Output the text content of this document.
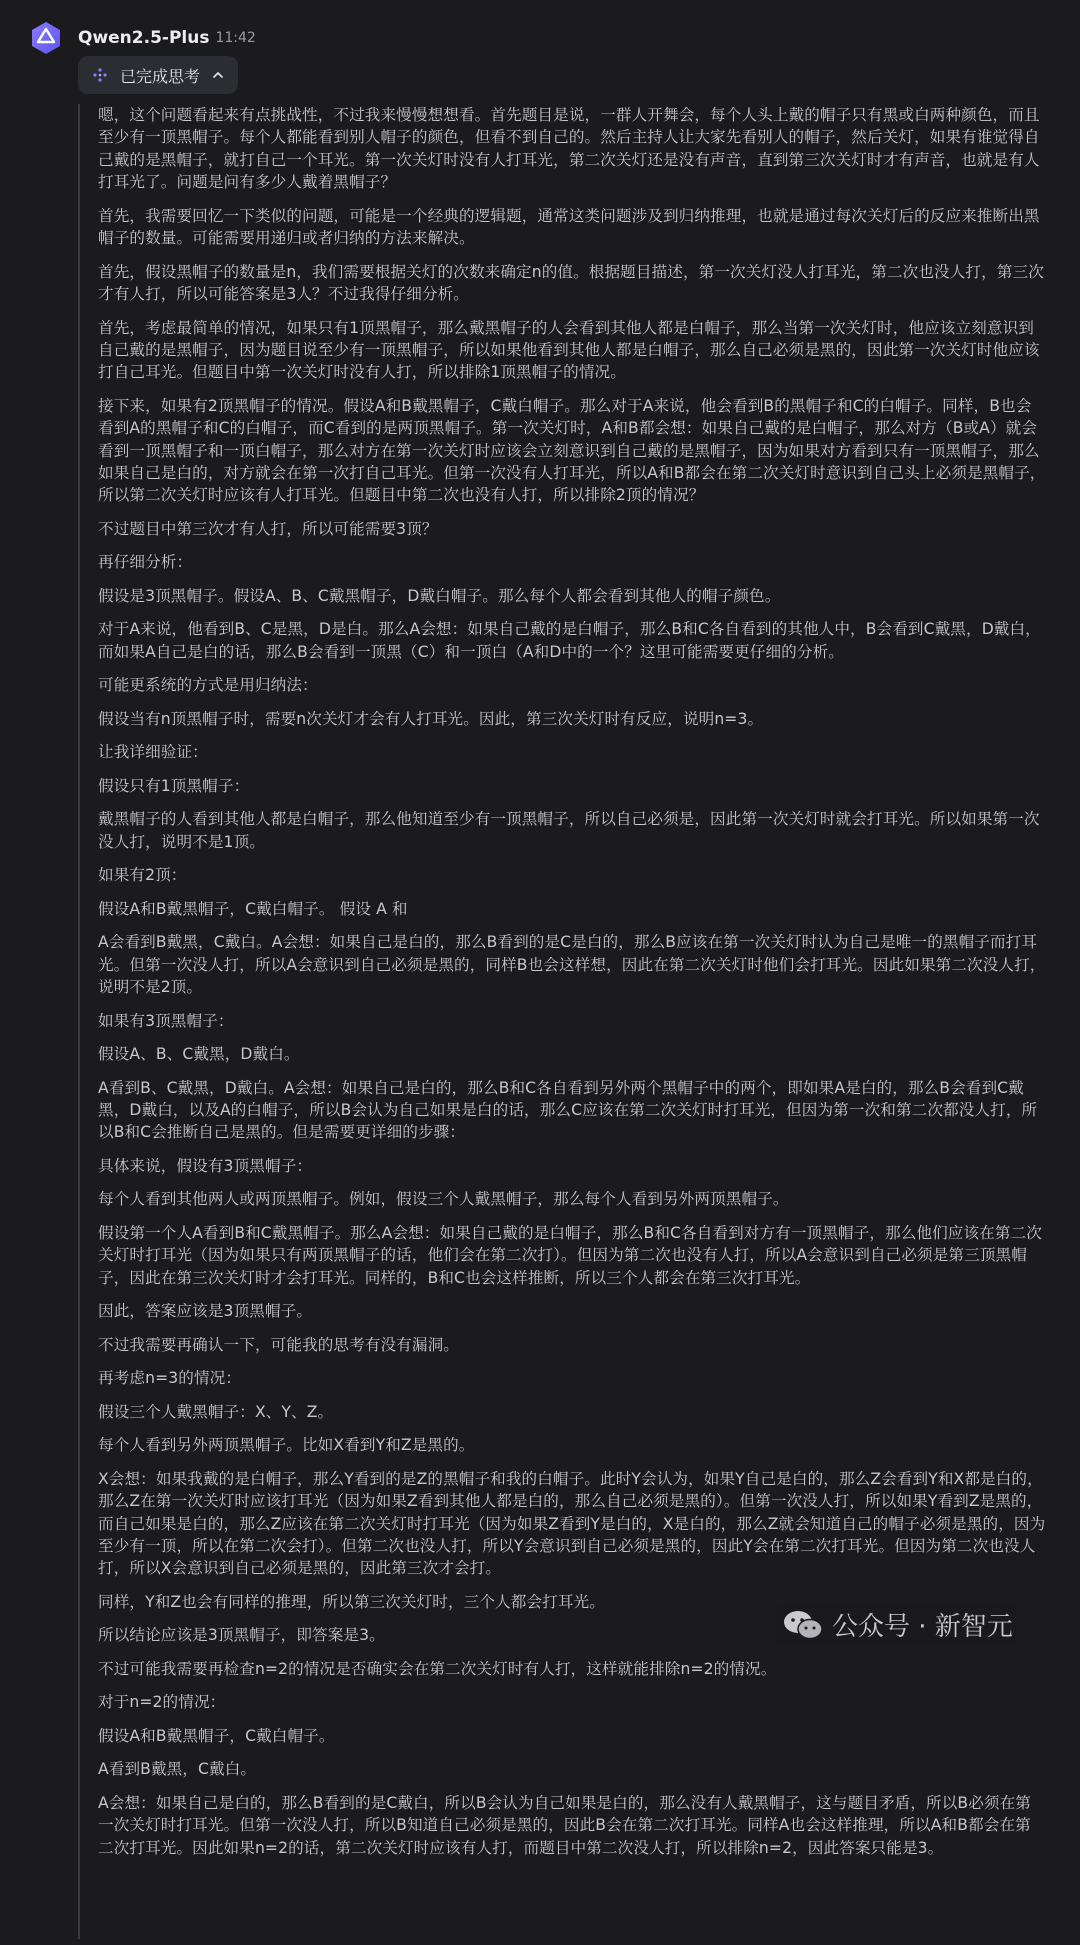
Qwen2.5-Plus 11:42
已完成思考

嗯，这个问题看起来有点挑战性，不过我来慢慢想想看。首先题目是说，一群人开舞会，每个人头上戴的帽子只有黑或白两种颜色，而且至少有一顶黑帽子。每个人都能看到别人帽子的颜色，但看不到自己的。然后主持人让大家先看别人的帽子，然后关灯，如果有谁觉得自己戴的是黑帽子，就打自己一个耳光。第一次关灯时没有人打耳光，第二次关灯还是没有声音，直到第三次关灯时才有声音，也就是有人打耳光了。问题是问有多少人戴着黑帽子？

首先，我需要回忆一下类似的问题，可能是一个经典的逻辑题，通常这类问题涉及到归纳推理，也就是通过每次关灯后的反应来推断出黑帽子的数量。可能需要用递归或者归纳的方法来解决。

首先，假设黑帽子的数量是n，我们需要根据关灯的次数来确定n的值。根据题目描述，第一次关灯没人打耳光，第二次也没人打，第三次才有人打，所以可能答案是3人？不过我得仔细分析。

首先，考虑最简单的情况，如果只有1顶黑帽子，那么戴黑帽子的人会看到其他人都是白帽子，那么当第一次关灯时，他应该立刻意识到自己戴的是黑帽子，因为题目说至少有一顶黑帽子，所以如果他看到其他人都是白帽子，那么自己必须是黑的，因此第一次关灯时他应该打自己耳光。但题目中第一次关灯时没有人打，所以排除1顶黑帽子的情况。

接下来，如果有2顶黑帽子的情况。假设A和B戴黑帽子，C戴白帽子。那么对于A来说，他会看到B的黑帽子和C的白帽子。同样，B也会看到A的黑帽子和C的白帽子，而C看到的是两顶黑帽子。第一次关灯时，A和B都会想：如果自己戴的是白帽子，那么对方（B或A）就会看到一顶黑帽子和一顶白帽子，那么对方在第一次关灯时应该会立刻意识到自己戴的是黑帽子，因为如果对方看到只有一顶黑帽子，那么如果自己是白的，对方就会在第一次打自己耳光。但第一次没有人打耳光，所以A和B都会在第二次关灯时意识到自己头上必须是黑帽子，所以第二次关灯时应该有人打耳光。但题目中第二次也没有人打，所以排除2顶的情况？

不过题目中第三次才有人打，所以可能需要3顶？

再仔细分析：

假设是3顶黑帽子。假设A、B、C戴黑帽子，D戴白帽子。那么每个人都会看到其他人的帽子颜色。

对于A来说，他看到B、C是黑，D是白。那么A会想：如果自己戴的是白帽子，那么B和C各自看到的其他人中，B会看到C戴黑，D戴白，而如果A自己是白的话，那么B会看到一顶黑（C）和一顶白（A和D中的一个？这里可能需要更仔细的分析。

可能更系统的方式是用归纳法：

假设当有n顶黑帽子时，需要n次关灯才会有人打耳光。因此，第三次关灯时有反应，说明n=3。

让我详细验证：

假设只有1顶黑帽子：

戴黑帽子的人看到其他人都是白帽子，那么他知道至少有一顶黑帽子，所以自己必须是，因此第一次关灯时就会打耳光。所以如果第一次没人打，说明不是1顶。

如果有2顶：

假设A和B戴黑帽子，C戴白帽子。 假设 A 和

A会看到B戴黑，C戴白。A会想：如果自己是白的，那么B看到的是C是白的，那么B应该在第一次关灯时认为自己是唯一的黑帽子而打耳光。但第一次没人打，所以A会意识到自己必须是黑的，同样B也会这样想，因此在第二次关灯时他们会打耳光。因此如果第二次没人打，说明不是2顶。

如果有3顶黑帽子：

假设A、B、C戴黑，D戴白。

A看到B、C戴黑，D戴白。A会想：如果自己是白的，那么B和C各自看到另外两个黑帽子中的两个，即如果A是白的，那么B会看到C戴黑，D戴白，以及A的白帽子，所以B会认为自己如果是白的话，那么C应该在第二次关灯时打耳光，但因为第一次和第二次都没人打，所以B和C会推断自己是黑的。但是需要更详细的步骤：

具体来说，假设有3顶黑帽子：

每个人看到其他两人或两顶黑帽子。例如，假设三个人戴黑帽子，那么每个人看到另外两顶黑帽子。

假设第一个人A看到B和C戴黑帽子。那么A会想：如果自己戴的是白帽子，那么B和C各自看到对方有一顶黑帽子，那么他们应该在第二次关灯时打耳光（因为如果只有两顶黑帽子的话，他们会在第二次打）。但因为第二次也没有人打，所以A会意识到自己必须是第三顶黑帽子，因此在第三次关灯时才会打耳光。同样的，B和C也会这样推断，所以三个人都会在第三次打耳光。

因此，答案应该是3顶黑帽子。

不过我需要再确认一下，可能我的思考有没有漏洞。

再考虑n=3的情况：

假设三个人戴黑帽子：X、Y、Z。

每个人看到另外两顶黑帽子。比如X看到Y和Z是黑的。

X会想：如果我戴的是白帽子，那么Y看到的是Z的黑帽子和我的白帽子。此时Y会认为，如果Y自己是白的，那么Z会看到Y和X都是白的，那么Z在第一次关灯时应该打耳光（因为如果Z看到其他人都是白的，那么自己必须是黑的）。但第一次没人打，所以如果Y看到Z是黑的，而自己如果是白的，那么Z应该在第二次关灯时打耳光（因为如果Z看到Y是白的，X是白的，那么Z就会知道自己的帽子必须是黑的，因为至少有一顶，所以在第二次会打）。但第二次也没人打，所以Y会意识到自己必须是黑的，因此Y会在第二次打耳光。但因为第二次也没人打，所以X会意识到自己必须是黑的，因此第三次才会打。

同样，Y和Z也会有同样的推理，所以第三次关灯时，三个人都会打耳光。

所以结论应该是3顶黑帽子，即答案是3。

不过可能我需要再检查n=2的情况是否确实会在第二次关灯时有人打，这样就能排除n=2的情况。

对于n=2的情况：

假设A和B戴黑帽子，C戴白帽子。

A看到B戴黑，C戴白。

A会想：如果自己是白的，那么B看到的是C戴白，所以B会认为自己如果是白的，那么没有人戴黑帽子，这与题目矛盾，所以B必须在第一次关灯时打耳光。但第一次没人打，所以B知道自己必须是黑的，因此B会在第二次打耳光。同样A也会这样推理，所以A和B都会在第二次打耳光。因此如果n=2的话，第二次关灯时应该有人打，而题目中第二次没人打，所以排除n=2，因此答案只能是3。

公众号 · 新智元
